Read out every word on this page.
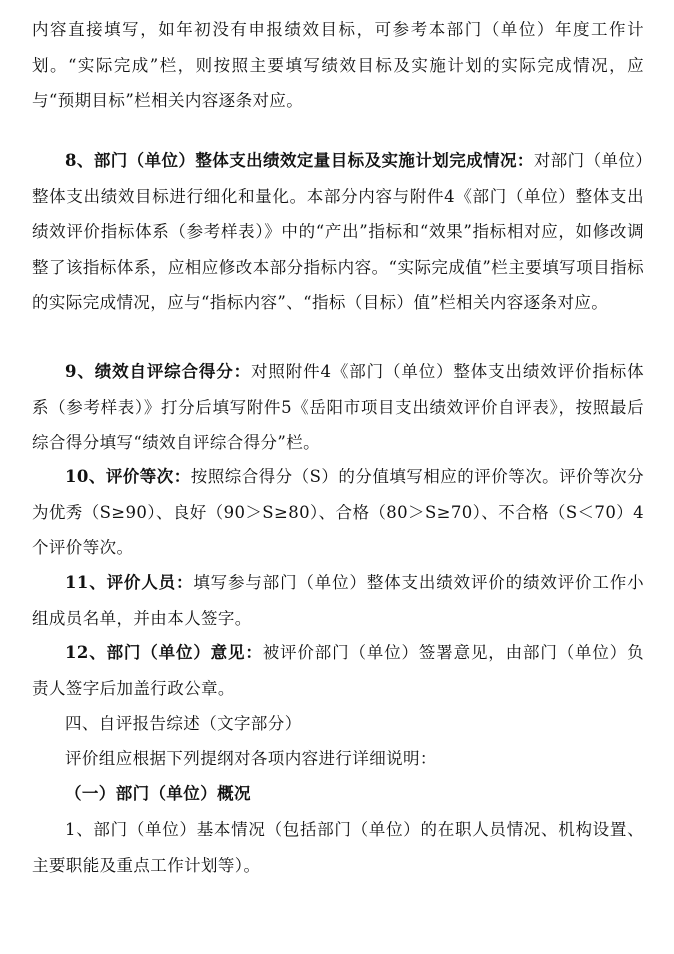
内容直接填写，如年初没有申报绩效目标，可参考本部门（单位）年度工作计划。“实际完成”栏，则按照主要填写绩效目标及实施计划的实际完成情况，应与“预期目标”栏相关内容逐条对应。

8、部门（单位）整体支出绩效定量目标及实施计划完成情况：对部门（单位）整体支出绩效目标进行细化和量化。本部分内容与附件4《部门（单位）整体支出绩效评价指标体系（参考样表）》中的“产出”指标和“效果”指标相对应，如修改调整了该指标体系，应相应修改本部分指标内容。“实际完成值”栏主要填写项目指标的实际完成情况，应与“指标内容”、“指标（目标）值”栏相关内容逐条对应。

9、绩效自评综合得分：对照附件4《部门（单位）整体支出绩效评价指标体系（参考样表）》打分后填写附件5《岳阳市项目支出绩效评价自评表》，按照最后综合得分填写“绩效自评综合得分”栏。

10、评价等次：按照综合得分（S）的分值填写相应的评价等次。评价等次分为优秀（S≥90）、良好（90＞S≥80）、合格（80＞S≥70）、不合格（S＜70）4个评价等次。

11、评价人员：填写参与部门（单位）整体支出绩效评价的绩效评价工作小组成员名单，并由本人签字。

12、部门（单位）意见：被评价部门（单位）签署意见，由部门（单位）负责人签字后加盖行政公章。

四、自评报告综述（文字部分）

评价组应根据下列提纲对各项内容进行详细说明：

（一）部门（单位）概况

1、部门（单位）基本情况（包括部门（单位）的在职人员情况、机构设置、主要职能及重点工作计划等）。
